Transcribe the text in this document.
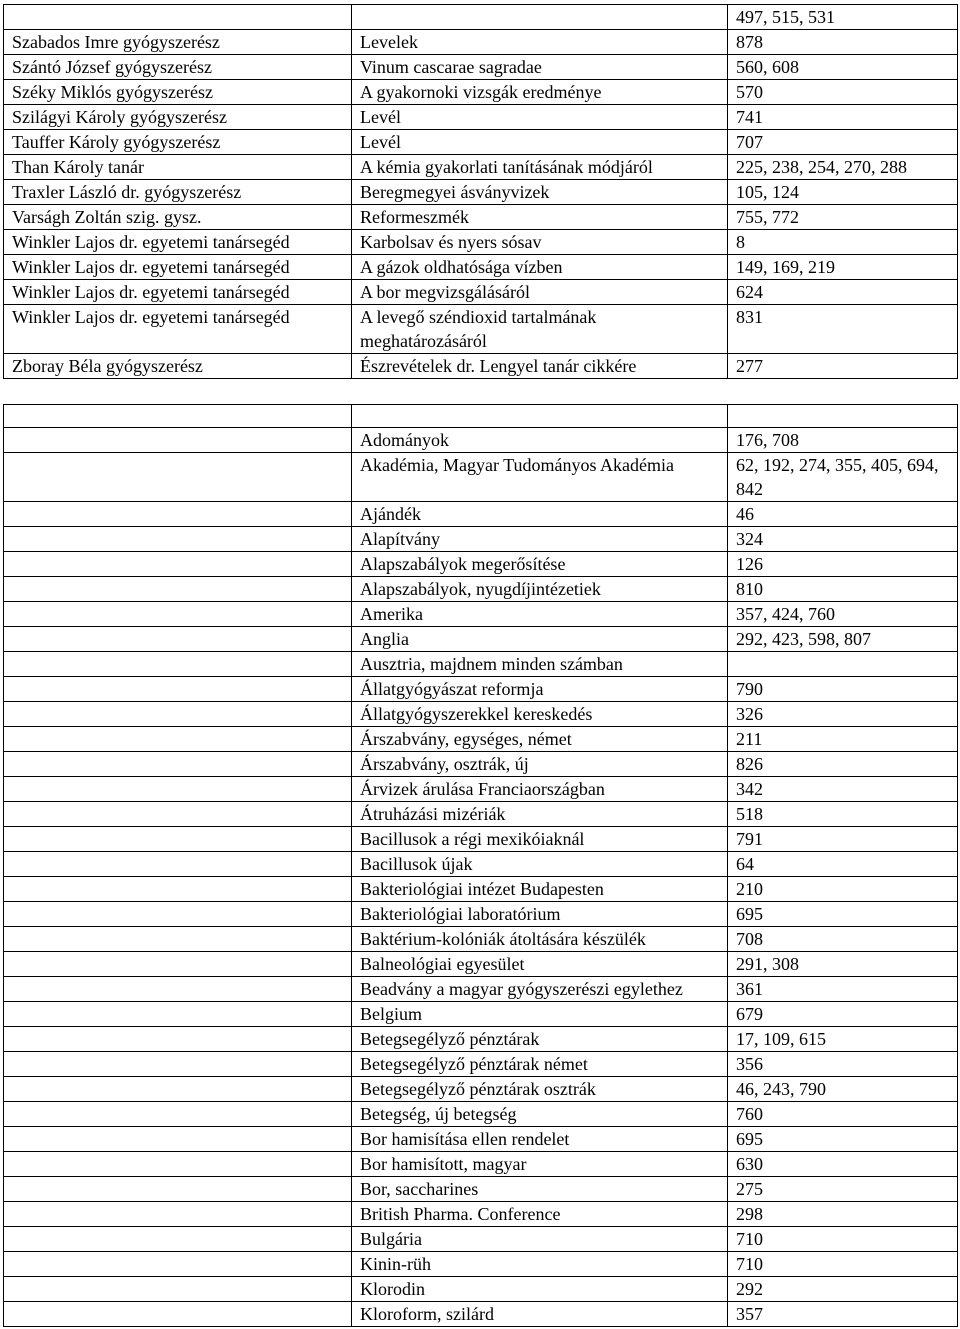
		497, 515, 531
Szabados Imre gyógyszerész	Levelek	878
Szántó József gyógyszerész	Vinum cascarae sagradae	560, 608
Széky Miklós gyógyszerész	A gyakornoki vizsgák eredménye	570
Szilágyi Károly gyógyszerész	Levél	741
Tauffer Károly gyógyszerész	Levél	707
Than Károly tanár	A kémia gyakorlati tanításának módjáról	225, 238, 254, 270, 288
Traxler László dr. gyógyszerész	Beregmegyei ásványvizek	105, 124
Varságh Zoltán szig. gysz.	Reformeszmék	755, 772
Winkler Lajos dr. egyetemi tanársegéd	Karbolsav és nyers sósav	8
Winkler Lajos dr. egyetemi tanársegéd	A gázok oldhatósága vízben	149, 169, 219
Winkler Lajos dr. egyetemi tanársegéd	A bor megvizsgálásáról	624
Winkler Lajos dr. egyetemi tanársegéd	A levegő széndioxid tartalmának meghatározásáról	831
Zboray Béla gyógyszerész	Észrevételek dr. Lengyel tanár cikkére	277

	Adományok	176, 708
	Akadémia, Magyar Tudományos Akadémia	62, 192, 274, 355, 405, 694, 842
	Ajándék	46
	Alapítvány	324
	Alapszabályok megerősítése	126
	Alapszabályok, nyugdíjintézetiek	810
	Amerika	357, 424, 760
	Anglia	292, 423, 598, 807
	Ausztria, majdnem minden számban	
	Állatgyógyászat reformja	790
	Állatgyógyszerekkel kereskedés	326
	Árszabvány, egységes, német	211
	Árszabvány, osztrák, új	826
	Árvizek árulása Franciaországban	342
	Átruházási mizériák	518
	Bacillusok a régi mexikóiaknál	791
	Bacillusok újak	64
	Bakteriológiai intézet Budapesten	210
	Bakteriológiai laboratórium	695
	Baktérium-kolóniák átoltására készülék	708
	Balneológiai egyesület	291, 308
	Beadvány a magyar gyógyszerészi egylethez	361
	Belgium	679
	Betegsegélyző pénztárak	17, 109, 615
	Betegsegélyző pénztárak német	356
	Betegsegélyző pénztárak osztrák	46, 243, 790
	Betegség, új betegség	760
	Bor hamisítása ellen rendelet	695
	Bor hamisított, magyar	630
	Bor, saccharines	275
	British Pharma. Conference	298
	Bulgária	710
	Kinin-rüh	710
	Klorodin	292
	Kloroform, szilárd	357
